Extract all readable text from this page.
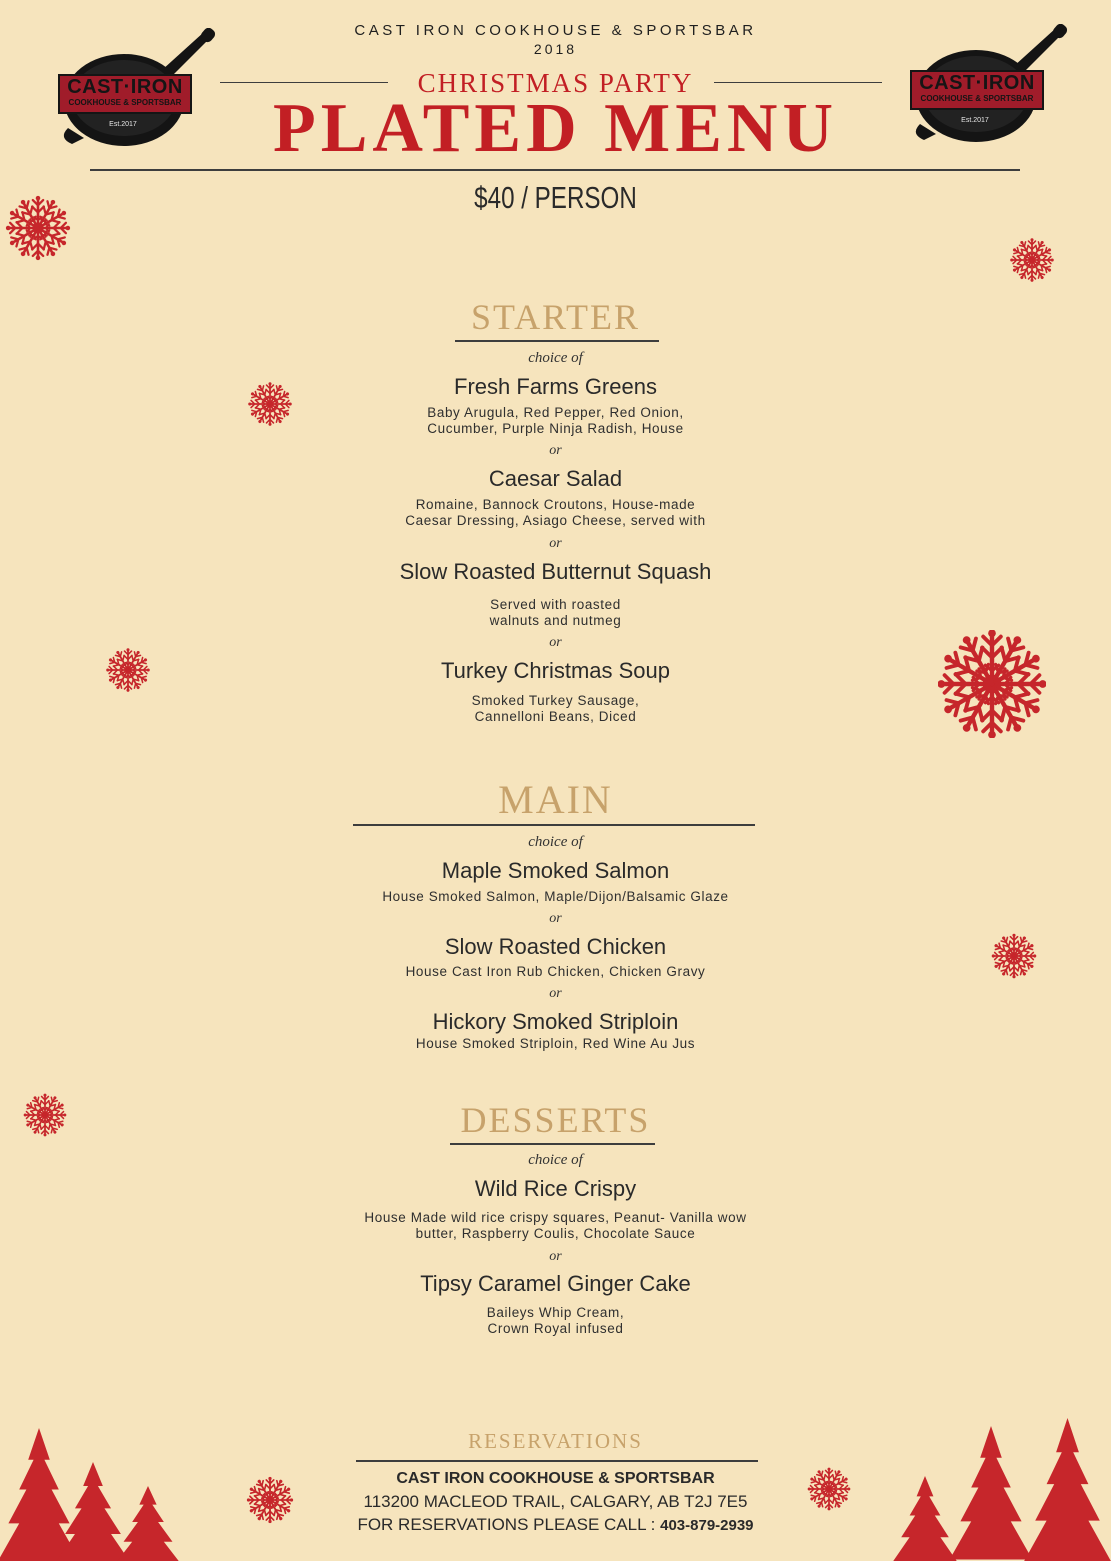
CAST·IRON
COOKHOUSE & SPORTSBAR
Est.2017
CAST·IRON
COOKHOUSE & SPORTSBAR
Est.2017
CAST IRON COOKHOUSE & SPORTSBAR
2018
CHRISTMAS PARTY
PLATED MENU
$40 / PERSON
STARTER
choice of
Fresh Farms Greens
Baby Arugula, Red Pepper, Red Onion,
Cucumber, Purple Ninja Radish, House
or
Caesar Salad
Romaine, Bannock Croutons, House-made
Caesar Dressing, Asiago Cheese, served with
or
Slow Roasted Butternut Squash
Served with roasted
walnuts and nutmeg
or
Turkey Christmas Soup
Smoked Turkey Sausage,
Cannelloni Beans, Diced
MAIN
choice of
Maple Smoked Salmon
House Smoked Salmon, Maple/Dijon/Balsamic Glaze
or
Slow Roasted Chicken
House Cast Iron Rub Chicken, Chicken Gravy
or
Hickory Smoked Striploin
House Smoked Striploin, Red Wine Au Jus
DESSERTS
choice of
Wild Rice Crispy
House Made wild rice crispy squares, Peanut- Vanilla wow
butter, Raspberry Coulis, Chocolate Sauce
or
Tipsy Caramel Ginger Cake
Baileys Whip Cream,
Crown Royal infused
RESERVATIONS
CAST IRON COOKHOUSE & SPORTSBAR
113200 MACLEOD TRAIL, CALGARY, AB T2J 7E5
FOR RESERVATIONS PLEASE CALL : 403-879-2939
